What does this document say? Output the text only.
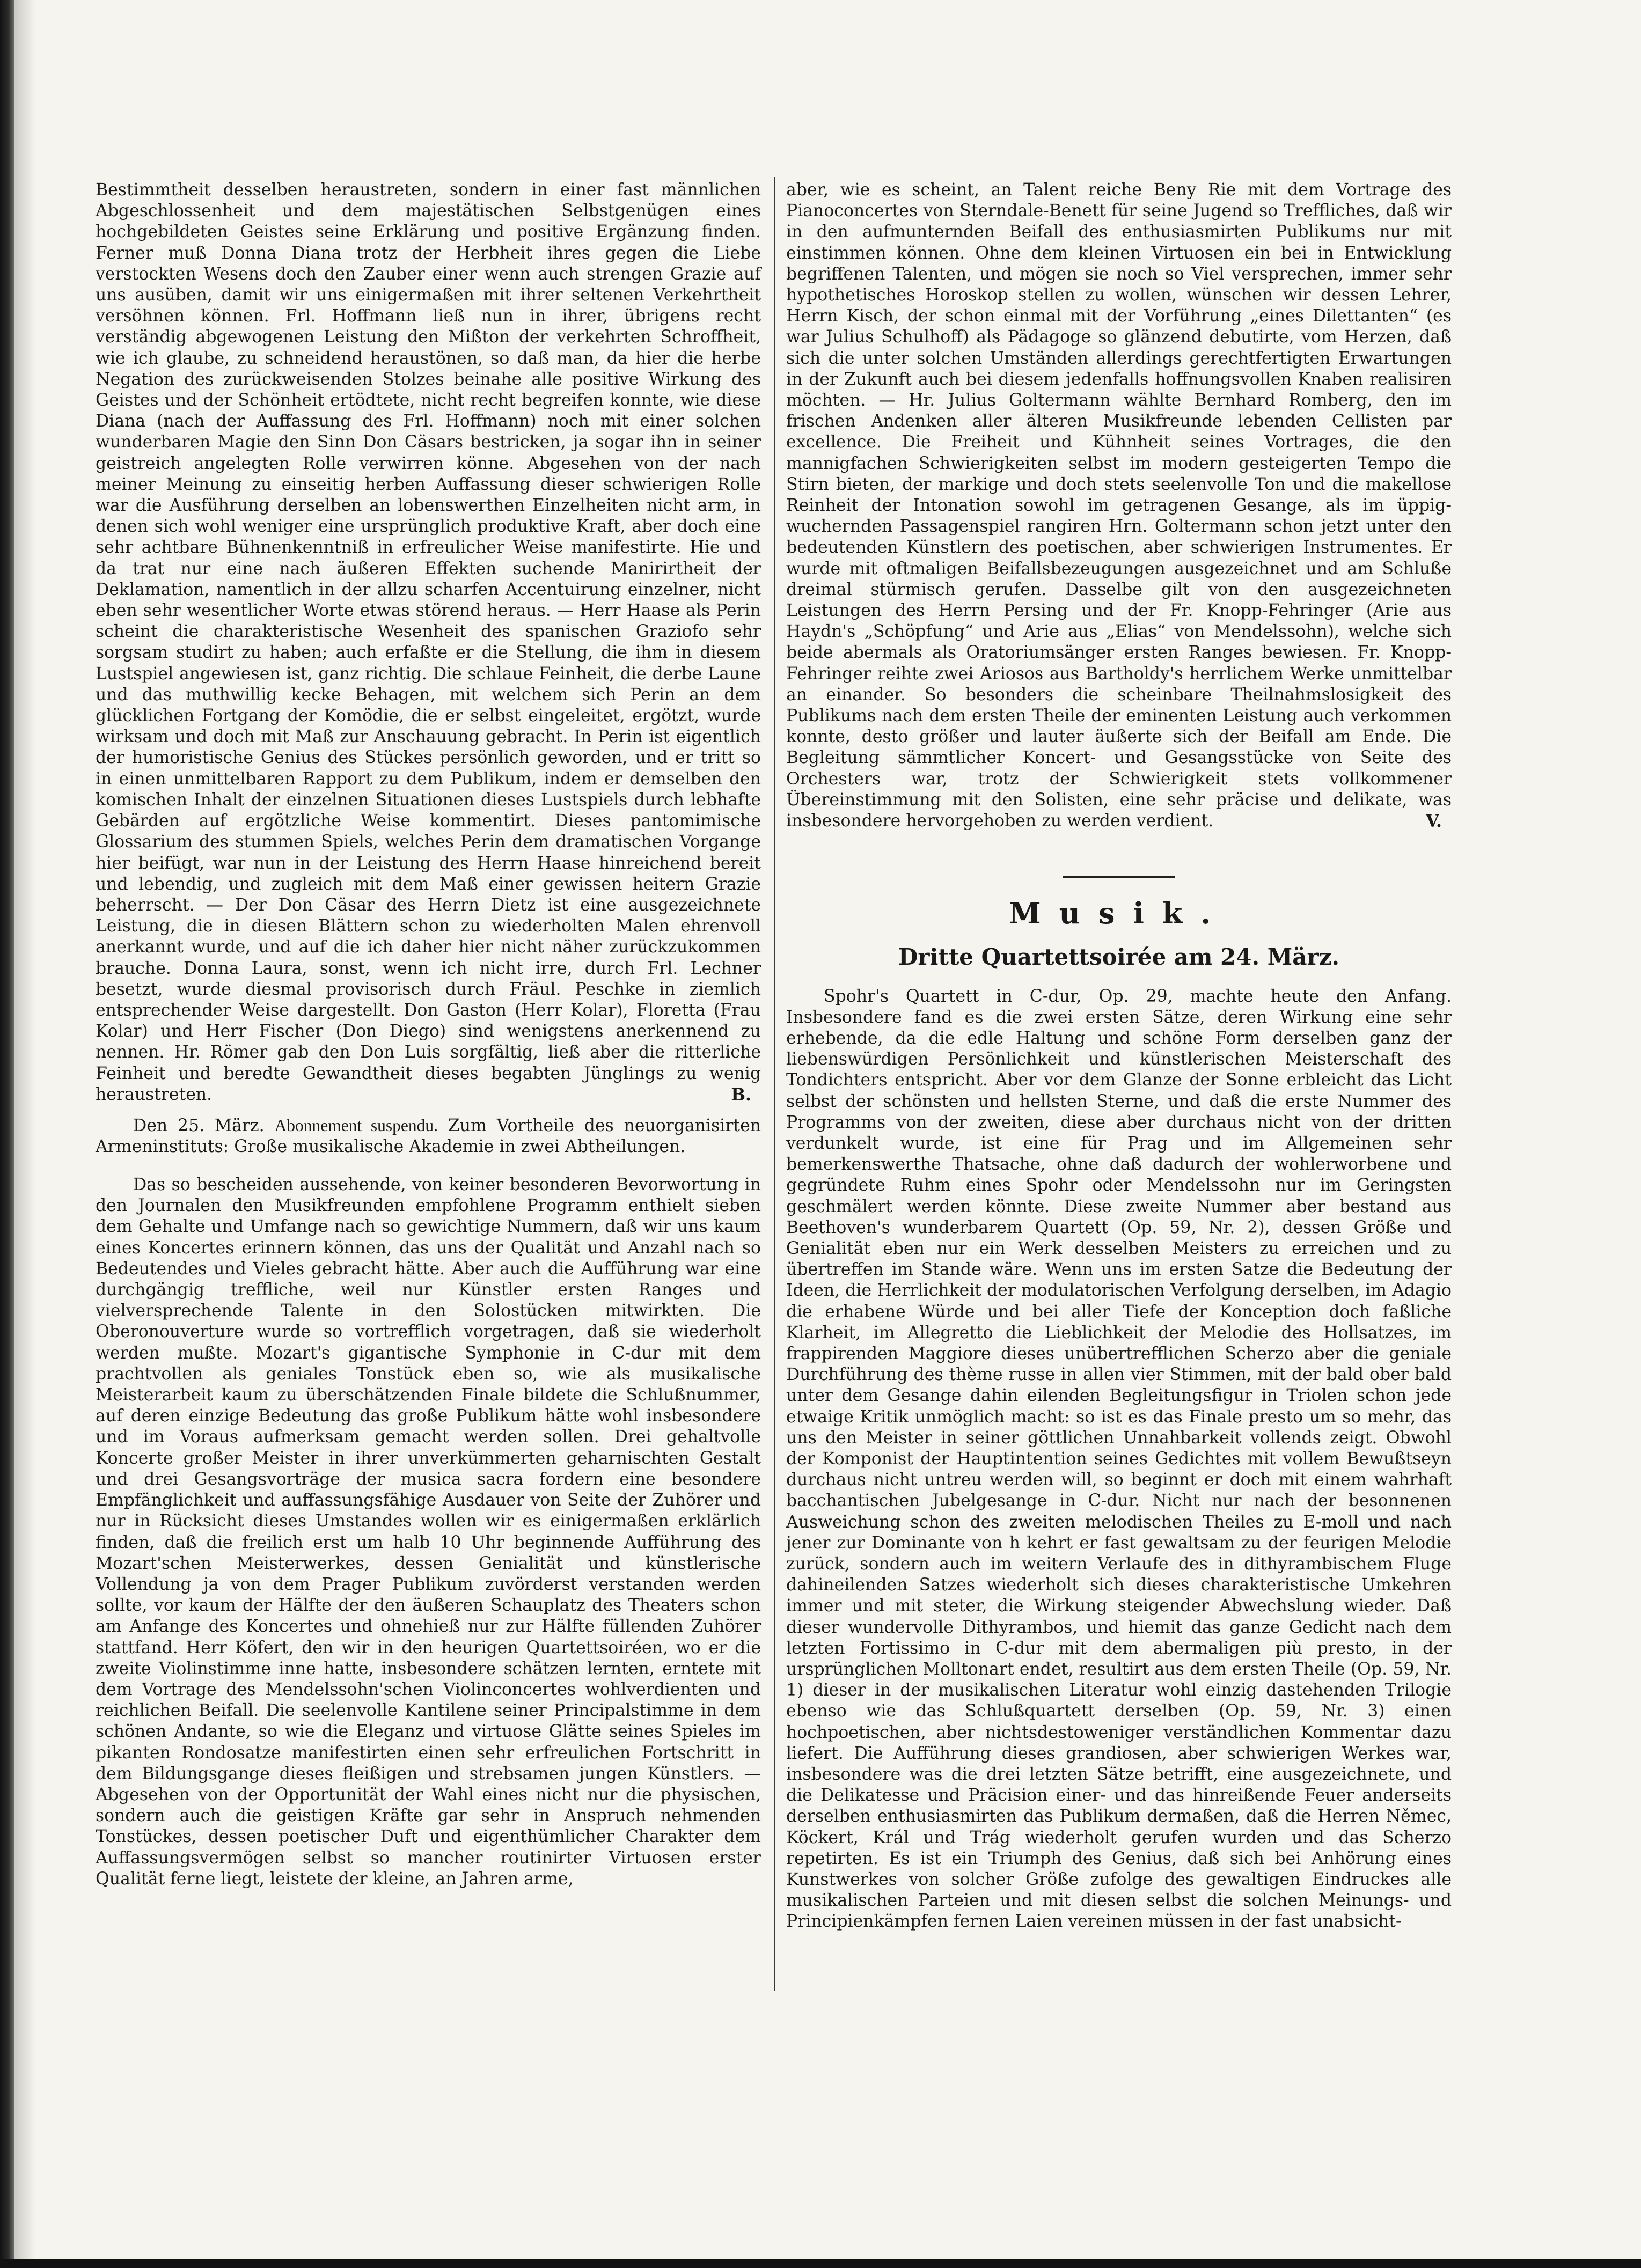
Bestimmtheit desselben heraustreten, sondern in einer fast männlichen Abgeschlossenheit und dem majestätischen Selbstgenügen eines hochgebildeten Geistes seine Erklärung und positive Ergänzung finden. Ferner muß Donna Diana trotz der Herbheit ihres gegen die Liebe verstockten Wesens doch den Zauber einer wenn auch strengen Grazie auf uns ausüben, damit wir uns einigermaßen mit ihrer seltenen Verkehrtheit versöhnen können. Frl. Hoffmann ließ nun in ihrer, übrigens recht verständig abgewogenen Leistung den Mißton der verkehrten Schroffheit, wie ich glaube, zu schneidend heraustönen, so daß man, da hier die herbe Negation des zurückweisenden Stolzes beinahe alle positive Wirkung des Geistes und der Schönheit ertödtete, nicht recht begreifen konnte, wie diese Diana (nach der Auffassung des Frl. Hoffmann) noch mit einer solchen wunderbaren Magie den Sinn Don Cäsars bestricken, ja sogar ihn in seiner geistreich angelegten Rolle verwirren könne. Abgesehen von der nach meiner Meinung zu einseitig herben Auffassung dieser schwierigen Rolle war die Ausführung derselben an lobenswerthen Einzelheiten nicht arm, in denen sich wohl weniger eine ursprünglich produktive Kraft, aber doch eine sehr achtbare Bühnenkenntniß in erfreulicher Weise manifestirte. Hie und da trat nur eine nach äußeren Effekten suchende Manirirtheit der Deklamation, namentlich in der allzu scharfen Accentuirung einzelner, nicht eben sehr wesentlicher Worte etwas störend heraus. — Herr Haase als Perin scheint die charakteristische Wesenheit des spanischen Graziofo sehr sorgsam studirt zu haben; auch erfaßte er die Stellung, die ihm in diesem Lustspiel angewiesen ist, ganz richtig. Die schlaue Feinheit, die derbe Laune und das muthwillig kecke Behagen, mit welchem sich Perin an dem glücklichen Fortgang der Komödie, die er selbst eingeleitet, ergötzt, wurde wirksam und doch mit Maß zur Anschauung gebracht. In Perin ist eigentlich der humoristische Genius des Stückes persönlich geworden, und er tritt so in einen unmittelbaren Rapport zu dem Publikum, indem er demselben den komischen Inhalt der einzelnen Situationen dieses Lustspiels durch lebhafte Gebärden auf ergötzliche Weise kommentirt. Dieses pantomimische Glossarium des stummen Spiels, welches Perin dem dramatischen Vorgange hier beifügt, war nun in der Leistung des Herrn Haase hinreichend bereit und lebendig, und zugleich mit dem Maß einer gewissen heitern Grazie beherrscht. — Der Don Cäsar des Herrn Dietz ist eine ausgezeichnete Leistung, die in diesen Blättern schon zu wiederholten Malen ehrenvoll anerkannt wurde, und auf die ich daher hier nicht näher zurückzukommen brauche. Donna Laura, sonst, wenn ich nicht irre, durch Frl. Lechner besetzt, wurde diesmal provisorisch durch Fräul. Peschke in ziemlich entsprechender Weise dargestellt. Don Gaston (Herr Kolar), Floretta (Frau Kolar) und Herr Fischer (Don Diego) sind wenigstens anerkennend zu nennen. Hr. Römer gab den Don Luis sorgfältig, ließ aber die ritterliche Feinheit und beredte Gewandtheit dieses begabten Jünglings zu wenig heraustreten.	B.

Den 25. März. Abonnement suspendu. Zum Vortheile des neuorganisirten Armeninstituts: Große musikalische Akademie in zwei Abtheilungen.

Das so bescheiden aussehende, von keiner besonderen Bevorwortung in den Journalen den Musikfreunden empfohlene Programm enthielt sieben dem Gehalte und Umfange nach so gewichtige Nummern, daß wir uns kaum eines Koncertes erinnern können, das uns der Qualität und Anzahl nach so Bedeutendes und Vieles gebracht hätte. Aber auch die Aufführung war eine durchgängig treffliche, weil nur Künstler ersten Ranges und vielversprechende Talente in den Solostücken mitwirkten. Die Oberonouverture wurde so vortrefflich vorgetragen, daß sie wiederholt werden mußte. Mozart's gigantische Symphonie in C-dur mit dem prachtvollen als geniales Tonstück eben so, wie als musikalische Meisterarbeit kaum zu überschätzenden Finale bildete die Schlußnummer, auf deren einzige Bedeutung das große Publikum hätte wohl insbesondere und im Voraus aufmerksam gemacht werden sollen. Drei gehaltvolle Koncerte großer Meister in ihrer unverkümmerten geharnischten Gestalt und drei Gesangsvorträge der musica sacra fordern eine besondere Empfänglichkeit und auffassungsfähige Ausdauer von Seite der Zuhörer und nur in Rücksicht dieses Umstandes wollen wir es einigermaßen erklärlich finden, daß die freilich erst um halb 10 Uhr beginnende Aufführung des Mozart'schen Meisterwerkes, dessen Genialität und künstlerische Vollendung ja von dem Prager Publikum zuvörderst verstanden werden sollte, vor kaum der Hälfte der den äußeren Schauplatz des Theaters schon am Anfange des Koncertes und ohnehieß nur zur Hälfte füllenden Zuhörer stattfand. Herr Köfert, den wir in den heurigen Quartettsoiréen, wo er die zweite Violinstimme inne hatte, insbesondere schätzen lernten, erntete mit dem Vortrage des Mendelssohn'schen Violinconcertes wohlverdienten und reichlichen Beifall. Die seelenvolle Kantilene seiner Principalstimme in dem schönen Andante, so wie die Eleganz und virtuose Glätte seines Spieles im pikanten Rondosatze manifestirten einen sehr erfreulichen Fortschritt in dem Bildungsgange dieses fleißigen und strebsamen jungen Künstlers. — Abgesehen von der Opportunität der Wahl eines nicht nur die physischen, sondern auch die geistigen Kräfte gar sehr in Anspruch nehmenden Tonstückes, dessen poetischer Duft und eigenthümlicher Charakter dem Auffassungsvermögen selbst so mancher routinirter Virtuosen erster Qualität ferne liegt, leistete der kleine, an Jahren arme,

aber, wie es scheint, an Talent reiche Beny Rie mit dem Vortrage des Pianoconcertes von Sterndale-Benett für seine Jugend so Treffliches, daß wir in den aufmunternden Beifall des enthusiasmirten Publikums nur mit einstimmen können. Ohne dem kleinen Virtuosen ein bei in Entwicklung begriffenen Talenten, und mögen sie noch so Viel versprechen, immer sehr hypothetisches Horoskop stellen zu wollen, wünschen wir dessen Lehrer, Herrn Kisch, der schon einmal mit der Vorführung „eines Dilettanten“ (es war Julius Schulhoff) als Pädagoge so glänzend debutirte, vom Herzen, daß sich die unter solchen Umständen allerdings gerechtfertigten Erwartungen in der Zukunft auch bei diesem jedenfalls hoffnungsvollen Knaben realisiren möchten. — Hr. Julius Goltermann wählte Bernhard Romberg, den im frischen Andenken aller älteren Musikfreunde lebenden Cellisten par excellence. Die Freiheit und Kühnheit seines Vortrages, die den mannigfachen Schwierigkeiten selbst im modern gesteigerten Tempo die Stirn bieten, der markige und doch stets seelenvolle Ton und die makellose Reinheit der Intonation sowohl im getragenen Gesange, als im üppig-wuchernden Passagenspiel rangiren Hrn. Goltermann schon jetzt unter den bedeutenden Künstlern des poetischen, aber schwierigen Instrumentes. Er wurde mit oftmaligen Beifallsbezeugungen ausgezeichnet und am Schluße dreimal stürmisch gerufen. Dasselbe gilt von den ausgezeichneten Leistungen des Herrn Persing und der Fr. Knopp-Fehringer (Arie aus Haydn's „Schöpfung“ und Arie aus „Elias“ von Mendelssohn), welche sich beide abermals als Oratoriumsänger ersten Ranges bewiesen. Fr. Knopp-Fehringer reihte zwei Ariosos aus Bartholdy's herrlichem Werke unmittelbar an einander. So besonders die scheinbare Theilnahmslosigkeit des Publikums nach dem ersten Theile der eminenten Leistung auch verkommen konnte, desto größer und lauter äußerte sich der Beifall am Ende. Die Begleitung sämmtlicher Koncert- und Gesangsstücke von Seite des Orchesters war, trotz der Schwierigkeit stets vollkommener Übereinstimmung mit den Solisten, eine sehr präcise und delikate, was insbesondere hervorgehoben zu werden verdient.	V.
Musik.
Dritte Quartettsoirée am 24. März.

Spohr's Quartett in C-dur, Op. 29, machte heute den Anfang. Insbesondere fand es die zwei ersten Sätze, deren Wirkung eine sehr erhebende, da die edle Haltung und schöne Form derselben ganz der liebenswürdigen Persönlichkeit und künstlerischen Meisterschaft des Tondichters entspricht. Aber vor dem Glanze der Sonne erbleicht das Licht selbst der schönsten und hellsten Sterne, und daß die erste Nummer des Programms von der zweiten, diese aber durchaus nicht von der dritten verdunkelt wurde, ist eine für Prag und im Allgemeinen sehr bemerkenswerthe Thatsache, ohne daß dadurch der wohlerworbene und gegründete Ruhm eines Spohr oder Mendelssohn nur im Geringsten geschmälert werden könnte. Diese zweite Nummer aber bestand aus Beethoven's wunderbarem Quartett (Op. 59, Nr. 2), dessen Größe und Genialität eben nur ein Werk desselben Meisters zu erreichen und zu übertreffen im Stande wäre. Wenn uns im ersten Satze die Bedeutung der Ideen, die Herrlichkeit der modulatorischen Verfolgung derselben, im Adagio die erhabene Würde und bei aller Tiefe der Konception doch faßliche Klarheit, im Allegretto die Lieblichkeit der Melodie des Hollsatzes, im frappirenden Maggiore dieses unübertrefflichen Scherzo aber die geniale Durchführung des thème russe in allen vier Stimmen, mit der bald ober bald unter dem Gesange dahin eilenden Begleitungsfigur in Triolen schon jede etwaige Kritik unmöglich macht: so ist es das Finale presto um so mehr, das uns den Meister in seiner göttlichen Unnahbarkeit vollends zeigt. Obwohl der Komponist der Hauptintention seines Gedichtes mit vollem Bewußtseyn durchaus nicht untreu werden will, so beginnt er doch mit einem wahrhaft bacchantischen Jubelgesange in C-dur. Nicht nur nach der besonnenen Ausweichung schon des zweiten melodischen Theiles zu E-moll und nach jener zur Dominante von h kehrt er fast gewaltsam zu der feurigen Melodie zurück, sondern auch im weitern Verlaufe des in dithyrambischem Fluge dahineilenden Satzes wiederholt sich dieses charakteristische Umkehren immer und mit steter, die Wirkung steigender Abwechslung wieder. Daß dieser wundervolle Dithyrambos, und hiemit das ganze Gedicht nach dem letzten Fortissimo in C-dur mit dem abermaligen più presto, in der ursprünglichen Molltonart endet, resultirt aus dem ersten Theile (Op. 59, Nr. 1) dieser in der musikalischen Literatur wohl einzig dastehenden Trilogie ebenso wie das Schlußquartett derselben (Op. 59, Nr. 3) einen hochpoetischen, aber nichtsdestoweniger verständlichen Kommentar dazu liefert. Die Aufführung dieses grandiosen, aber schwierigen Werkes war, insbesondere was die drei letzten Sätze betrifft, eine ausgezeichnete, und die Delikatesse und Präcision einer- und das hinreißende Feuer anderseits derselben enthusiasmirten das Publikum dermaßen, daß die Herren Němec, Köckert, Král und Trág wiederholt gerufen wurden und das Scherzo repetirten. Es ist ein Triumph des Genius, daß sich bei Anhörung eines Kunstwerkes von solcher Größe zufolge des gewaltigen Eindruckes alle musikalischen Parteien und mit diesen selbst die solchen Meinungs- und Principienkämpfen fernen Laien vereinen müssen in der fast unabsicht-
